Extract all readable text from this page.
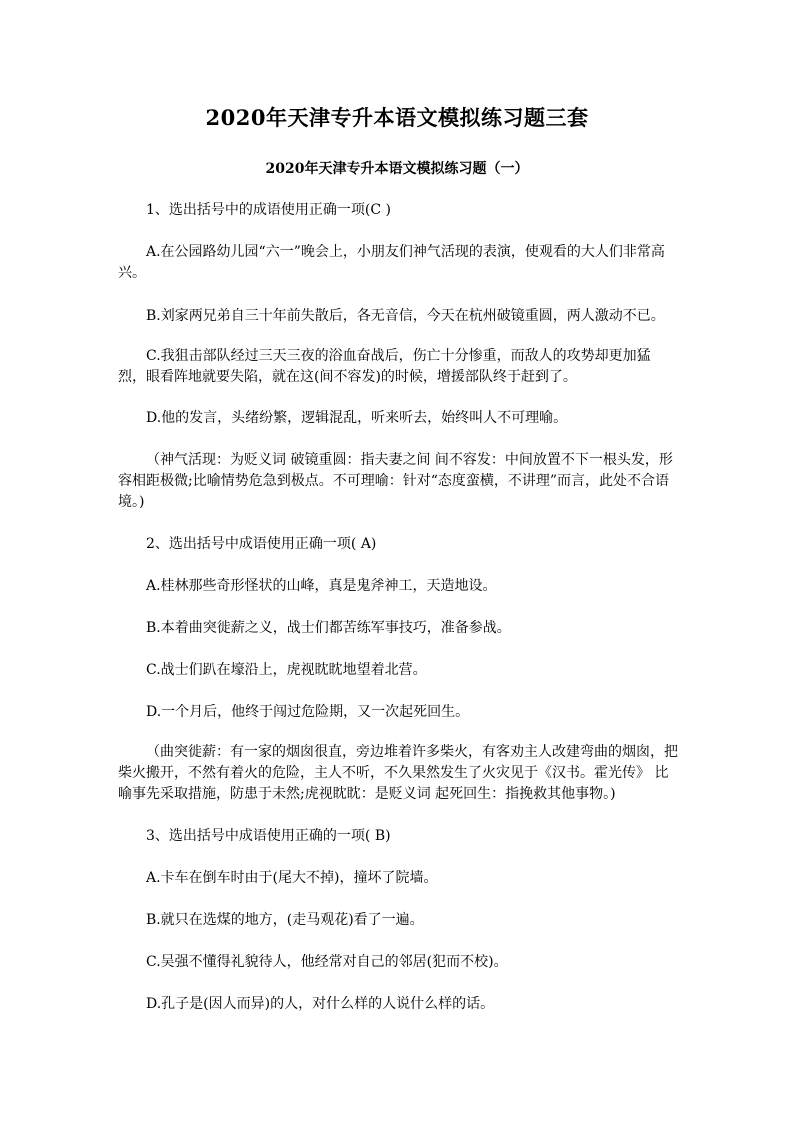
2020年天津专升本语文模拟练习题三套
2020年天津专升本语文模拟练习题（一）

1、选出括号中的成语使用正确一项(C )

A.在公园路幼儿园“六一”晚会上，小朋友们神气活现的表演，使观看的大人们非常高兴。

B.刘家两兄弟自三十年前失散后，各无音信，今天在杭州破镜重圆，两人激动不已。

C.我狙击部队经过三天三夜的浴血奋战后，伤亡十分惨重，而敌人的攻势却更加猛烈，眼看阵地就要失陷，就在这(间不容发)的时候，增援部队终于赶到了。

D.他的发言，头绪纷繁，逻辑混乱，听来听去，始终叫人不可理喻。

（神气活现：为贬义词 破镜重圆：指夫妻之间 间不容发：中间放置不下一根头发，形容相距极微;比喻情势危急到极点。不可理喻：针对“态度蛮横，不讲理”而言，此处不合语境。)

2、选出括号中成语使用正确一项( A)

A.桂林那些奇形怪状的山峰，真是鬼斧神工，天造地设。

B.本着曲突徙薪之义，战士们都苦练军事技巧，准备参战。

C.战士们趴在壕沿上，虎视眈眈地望着北营。

D.一个月后，他终于闯过危险期，又一次起死回生。

（曲突徙薪：有一家的烟囱很直，旁边堆着许多柴火，有客劝主人改建弯曲的烟囱，把柴火搬开，不然有着火的危险，主人不听，不久果然发生了火灾见于《汉书。霍光传》 比喻事先采取措施，防患于未然;虎视眈眈：是贬义词 起死回生：指挽救其他事物。)

3、选出括号中成语使用正确的一项( B)

A.卡车在倒车时由于(尾大不掉)，撞坏了院墙。

B.就只在选煤的地方，(走马观花)看了一遍。

C.吴强不懂得礼貌待人，他经常对自己的邻居(犯而不校)。

D.孔子是(因人而异)的人，对什么样的人说什么样的话。
